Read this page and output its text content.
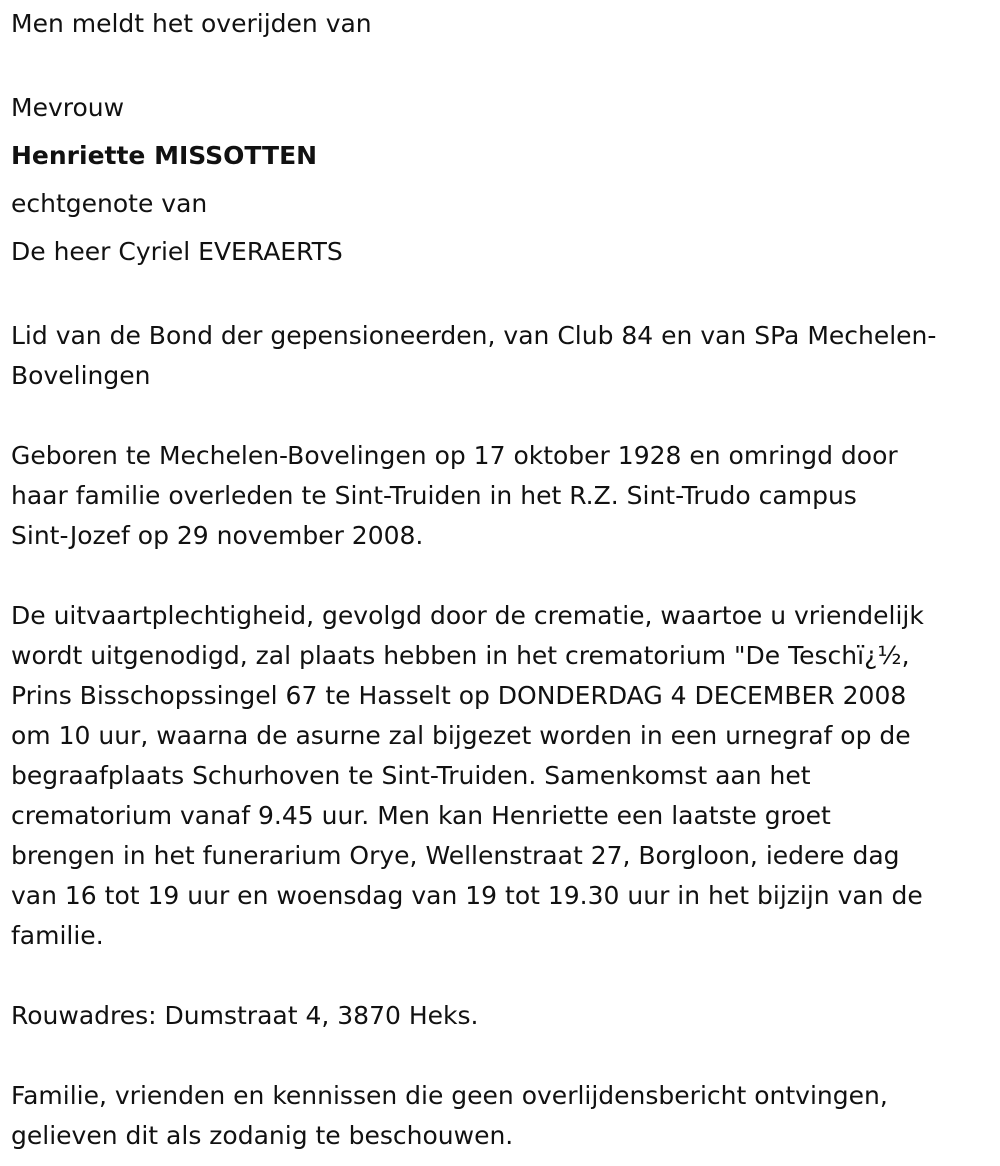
Men meldt het overijden van
Mevrouw
Henriette MISSOTTEN
echtgenote van
De heer Cyriel EVERAERTS
Lid van de Bond der gepensioneerden, van Club 84 en van SPa Mechelen-
Bovelingen
Geboren te Mechelen-Bovelingen op 17 oktober 1928 en omringd door
haar familie overleden te Sint-Truiden in het R.Z. Sint-Trudo campus
Sint-Jozef op 29 november 2008.
De uitvaartplechtigheid, gevolgd door de crematie, waartoe u vriendelijk
wordt uitgenodigd, zal plaats hebben in het crematorium "De Teschï¿½,
Prins Bisschopssingel 67 te Hasselt op DONDERDAG 4 DECEMBER 2008
om 10 uur, waarna de asurne zal bijgezet worden in een urnegraf op de
begraafplaats Schurhoven te Sint-Truiden. Samenkomst aan het
crematorium vanaf 9.45 uur. Men kan Henriette een laatste groet
brengen in het funerarium Orye, Wellenstraat 27, Borgloon, iedere dag
van 16 tot 19 uur en woensdag van 19 tot 19.30 uur in het bijzijn van de
familie.
Rouwadres: Dumstraat 4, 3870 Heks.
Familie, vrienden en kennissen die geen overlijdensbericht ontvingen,
gelieven dit als zodanig te beschouwen.
